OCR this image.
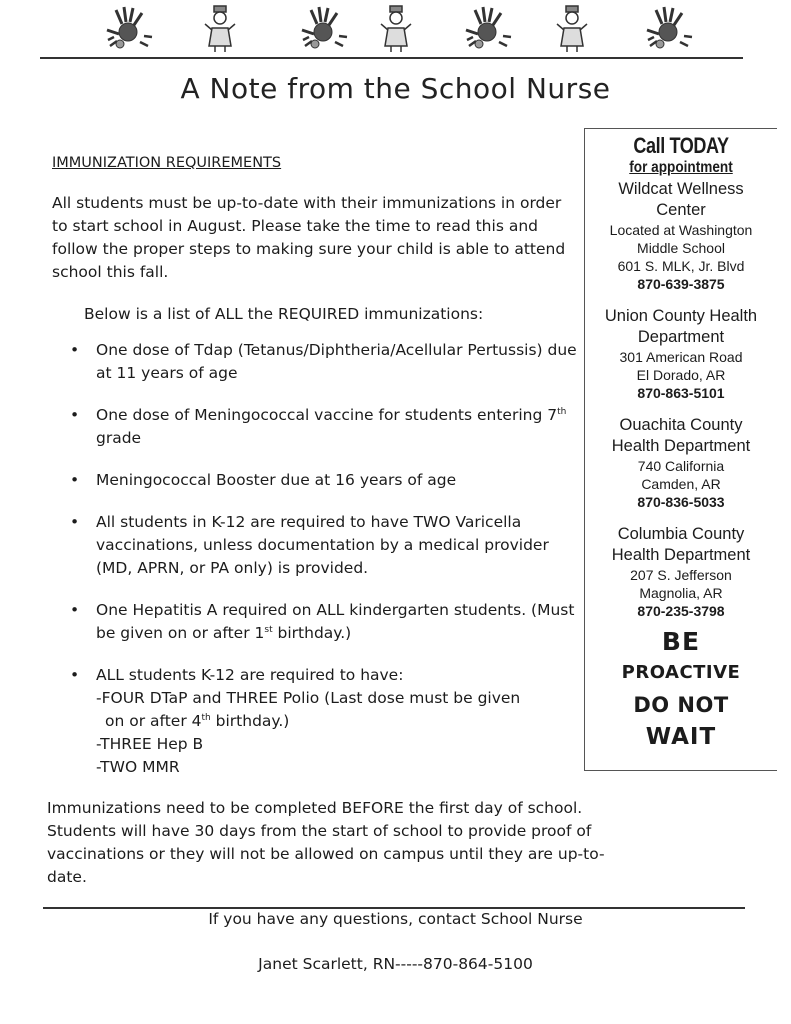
A Note from the School Nurse
IMMUNIZATION REQUIREMENTS

All students must be up-to-date with their immunizations in order to start school in August. Please take the time to read this and follow the proper steps to making sure your child is able to attend school this fall.

Below is a list of ALL the REQUIRED immunizations:

• One dose of Tdap (Tetanus/Diphtheria/Acellular Pertussis) due at 11 years of age
• One dose of Meningococcal vaccine for students entering 7th grade
• Meningococcal Booster due at 16 years of age
• All students in K-12 are required to have TWO Varicella vaccinations, unless documentation by a medical provider (MD, APRN, or PA only) is provided.
• One Hepatitis A required on ALL kindergarten students. (Must be given on or after 1st birthday.)
• ALL students K-12 are required to have:
-FOUR DTaP and THREE Polio (Last dose must be given
on or after 4th birthday.)
-THREE Hep B
-TWO MMR

Immunizations need to be completed BEFORE the first day of school. Students will have 30 days from the start of school to provide proof of vaccinations or they will not be allowed on campus until they are up-to-date.

If you have any questions, contact School Nurse
Janet Scarlett, RN-----870-864-5100
Call TODAY
for appointment
Wildcat Wellness
Center
Located at Washington
Middle School
601 S. MLK, Jr. Blvd
870-639-3875
Union County Health
Department
301 American Road
El Dorado, AR
870-863-5101
Ouachita County
Health Department
740 California
Camden, AR
870-836-5033
Columbia County
Health Department
207 S. Jefferson
Magnolia, AR
870-235-3798
BE
PROACTIVE
DO NOT
WAIT
